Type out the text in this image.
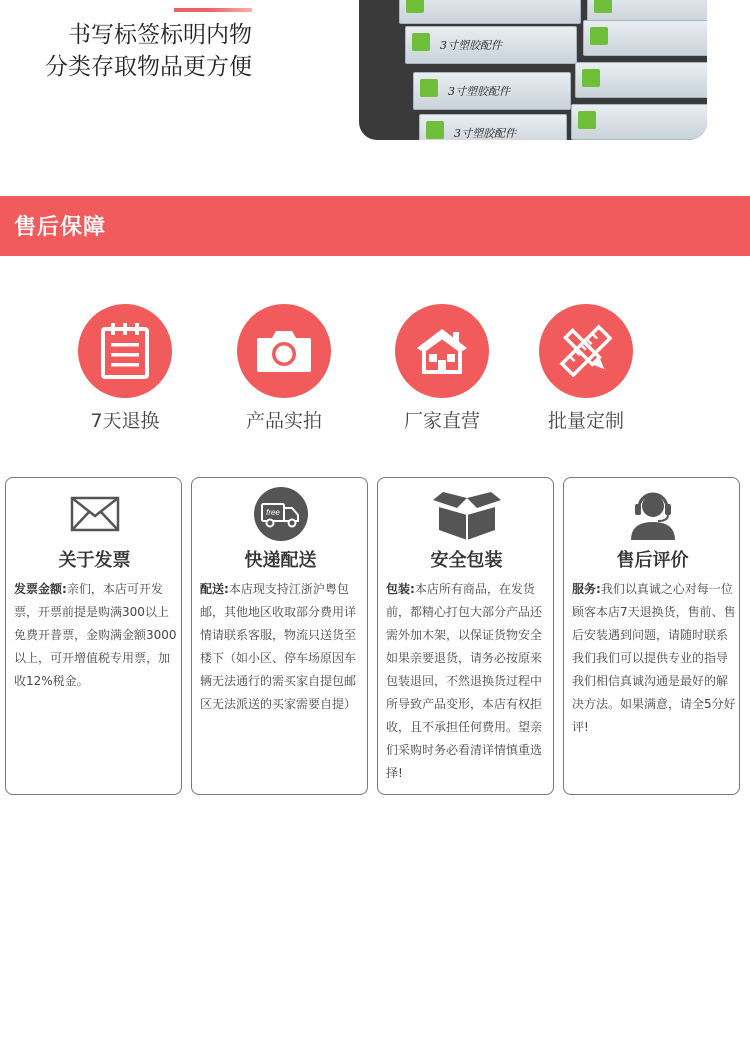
书写标签标明内物
分类存取物品更方便
3寸塑胶配件
3寸塑胶配件
3寸塑胶配件
售后保障
7天退换	产品实拍	厂家直营	批量定制
关于发票
发票金额:亲们，本店可开发票，开票前提是购满300以上免费开普票，金购满金额3000以上，可开增值税专用票，加收12%税金。
free
快递配送
配送:本店现支持江浙沪粤包邮，其他地区收取部分费用详情请联系客服，物流只送货至楼下（如小区、停车场原因车辆无法通行的需买家自提包邮区无法派送的买家需要自提）
安全包装
包装:本店所有商品，在发货前，都精心打包大部分产品还需外加木架，以保证货物安全如果亲要退货，请务必按原来包装退回，不然退换货过程中所导致产品变形，本店有权拒收，且不承担任何费用。望亲们采购时务必看清详情慎重选择!
售后评价
服务:我们以真诚之心对每一位顾客本店7天退换货，售前、售后安装遇到问题，请随时联系我们我们可以提供专业的指导我们相信真诚沟通是最好的解决方法。如果满意，请全5分好评!
